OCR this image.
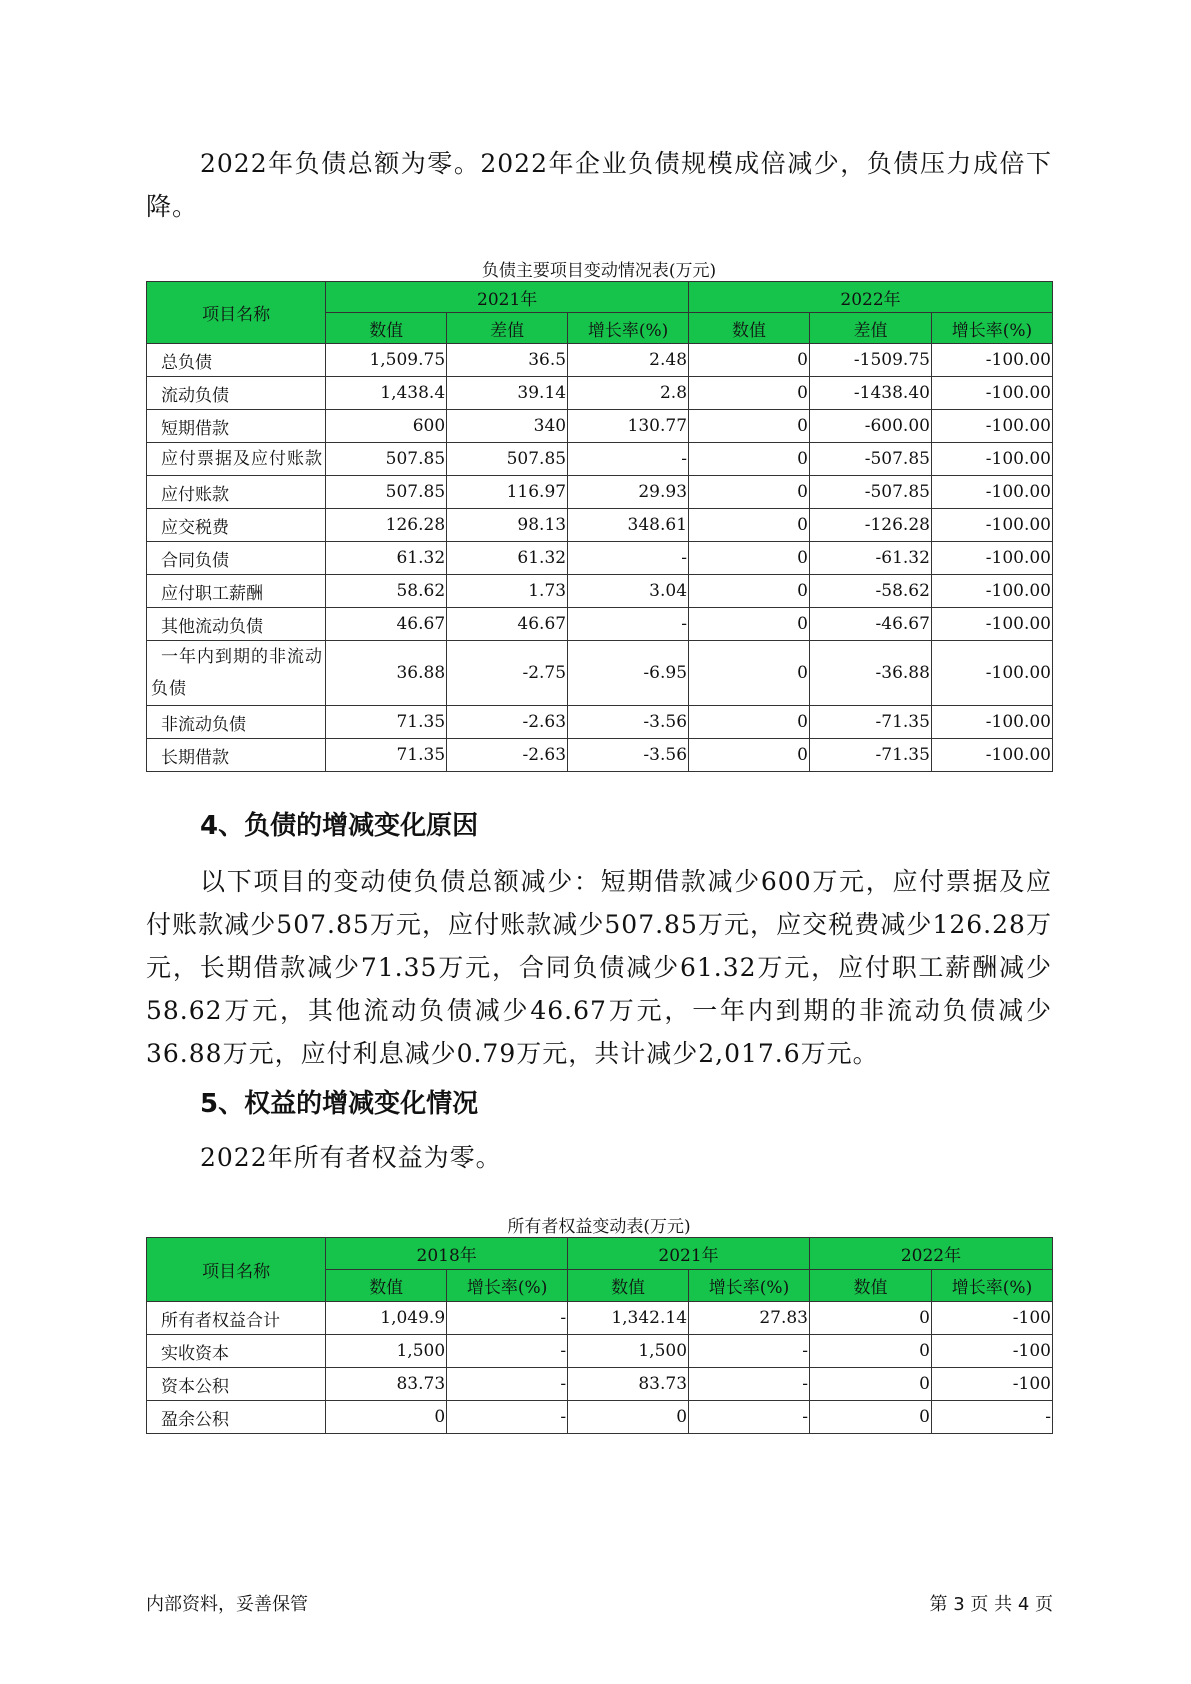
2022年负债总额为零。2022年企业负债规模成倍减少，负债压力成倍下降。

负债主要项目变动情况表(万元)

项目名称	2021年			2022年		
	数值	差值	增长率(%)	数值	差值	增长率(%)
总负债	1,509.75	36.5	2.48	0	-1509.75	-100.00
流动负债	1,438.4	39.14	2.8	0	-1438.40	-100.00
短期借款	600	340	130.77	0	-600.00	-100.00
应付票据及应付账款	507.85	507.85	-	0	-507.85	-100.00
应付账款	507.85	116.97	29.93	0	-507.85	-100.00
应交税费	126.28	98.13	348.61	0	-126.28	-100.00
合同负债	61.32	61.32	-	0	-61.32	-100.00
应付职工薪酬	58.62	1.73	3.04	0	-58.62	-100.00
其他流动负债	46.67	46.67	-	0	-46.67	-100.00
一年内到期的非流动负债	36.88	-2.75	-6.95	0	-36.88	-100.00
非流动负债	71.35	-2.63	-3.56	0	-71.35	-100.00
长期借款	71.35	-2.63	-3.56	0	-71.35	-100.00

4、负债的增减变化原因

以下项目的变动使负债总额减少：短期借款减少600万元，应付票据及应付账款减少507.85万元，应付账款减少507.85万元，应交税费减少126.28万元，长期借款减少71.35万元，合同负债减少61.32万元，应付职工薪酬减少58.62万元，其他流动负债减少46.67万元，一年内到期的非流动负债减少36.88万元，应付利息减少0.79万元，共计减少2,017.6万元。

5、权益的增减变化情况

2022年所有者权益为零。

所有者权益变动表(万元)

项目名称	2018年		2021年		2022年	
	数值	增长率(%)	数值	增长率(%)	数值	增长率(%)
所有者权益合计	1,049.9	-	1,342.14	27.83	0	-100
实收资本	1,500	-	1,500	-	0	-100
资本公积	83.73	-	83.73	-	0	-100
盈余公积	0	-	0	-	0	-
内部资料，妥善保管	第 3 页 共 4 页
